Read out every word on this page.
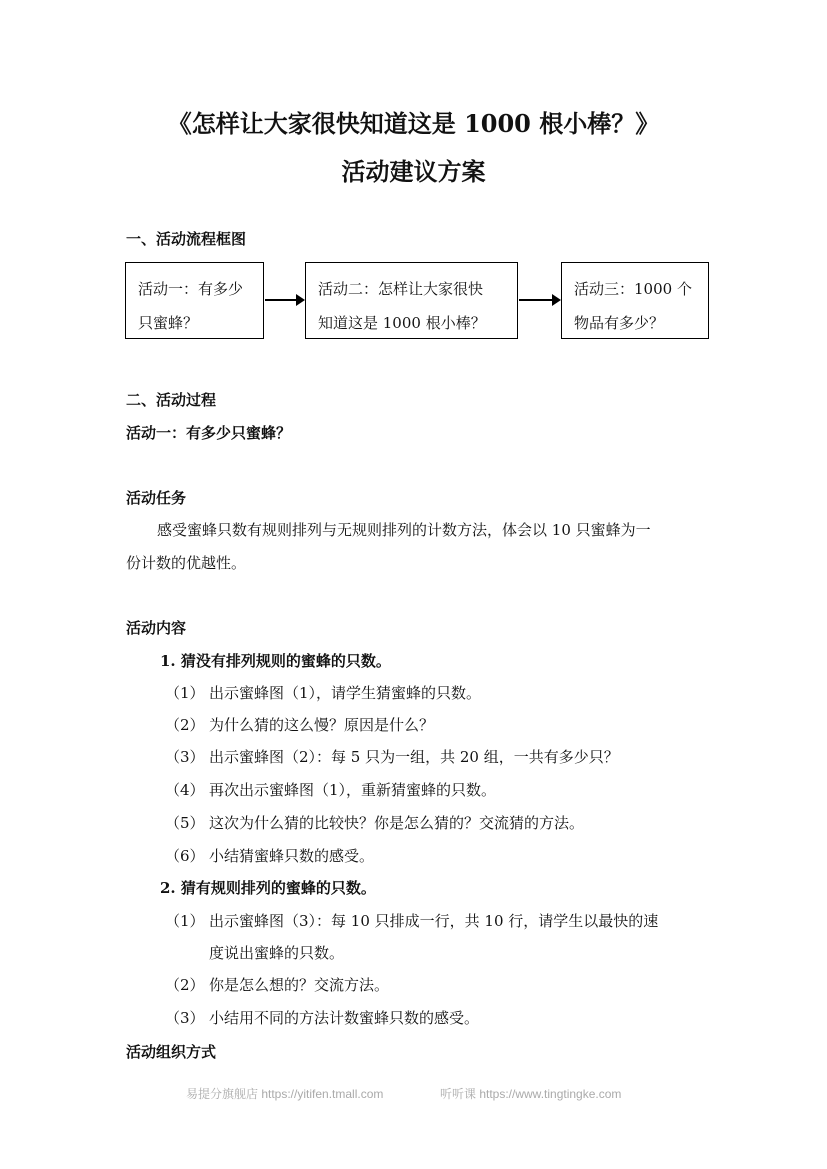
《怎样让大家很快知道这是 1000 根小棒？》
活动建议方案
一、活动流程框图
活动一：有多少
只蜜蜂？
活动二：怎样让大家很快
知道这是 1000 根小棒？
活动三：1000 个
物品有多少？
二、活动过程
活动一：有多少只蜜蜂？
活动任务
感受蜜蜂只数有规则排列与无规则排列的计数方法，体会以 10 只蜜蜂为一
份计数的优越性。
活动内容
1. 猜没有排列规则的蜜蜂的只数。
（1） 出示蜜蜂图（1），请学生猜蜜蜂的只数。
（2） 为什么猜的这么慢？原因是什么？
（3） 出示蜜蜂图（2）：每 5 只为一组，共 20 组，一共有多少只？
（4） 再次出示蜜蜂图（1），重新猜蜜蜂的只数。
（5） 这次为什么猜的比较快？你是怎么猜的？交流猜的方法。
（6） 小结猜蜜蜂只数的感受。
2. 猜有规则排列的蜜蜂的只数。
（1） 出示蜜蜂图（3）：每 10 只排成一行，共 10 行，请学生以最快的速
度说出蜜蜂的只数。
（2） 你是怎么想的？交流方法。
（3） 小结用不同的方法计数蜜蜂只数的感受。
活动组织方式
易提分旗舰店 https://yitifen.tmall.com	听听课 https://www.tingtingke.com
